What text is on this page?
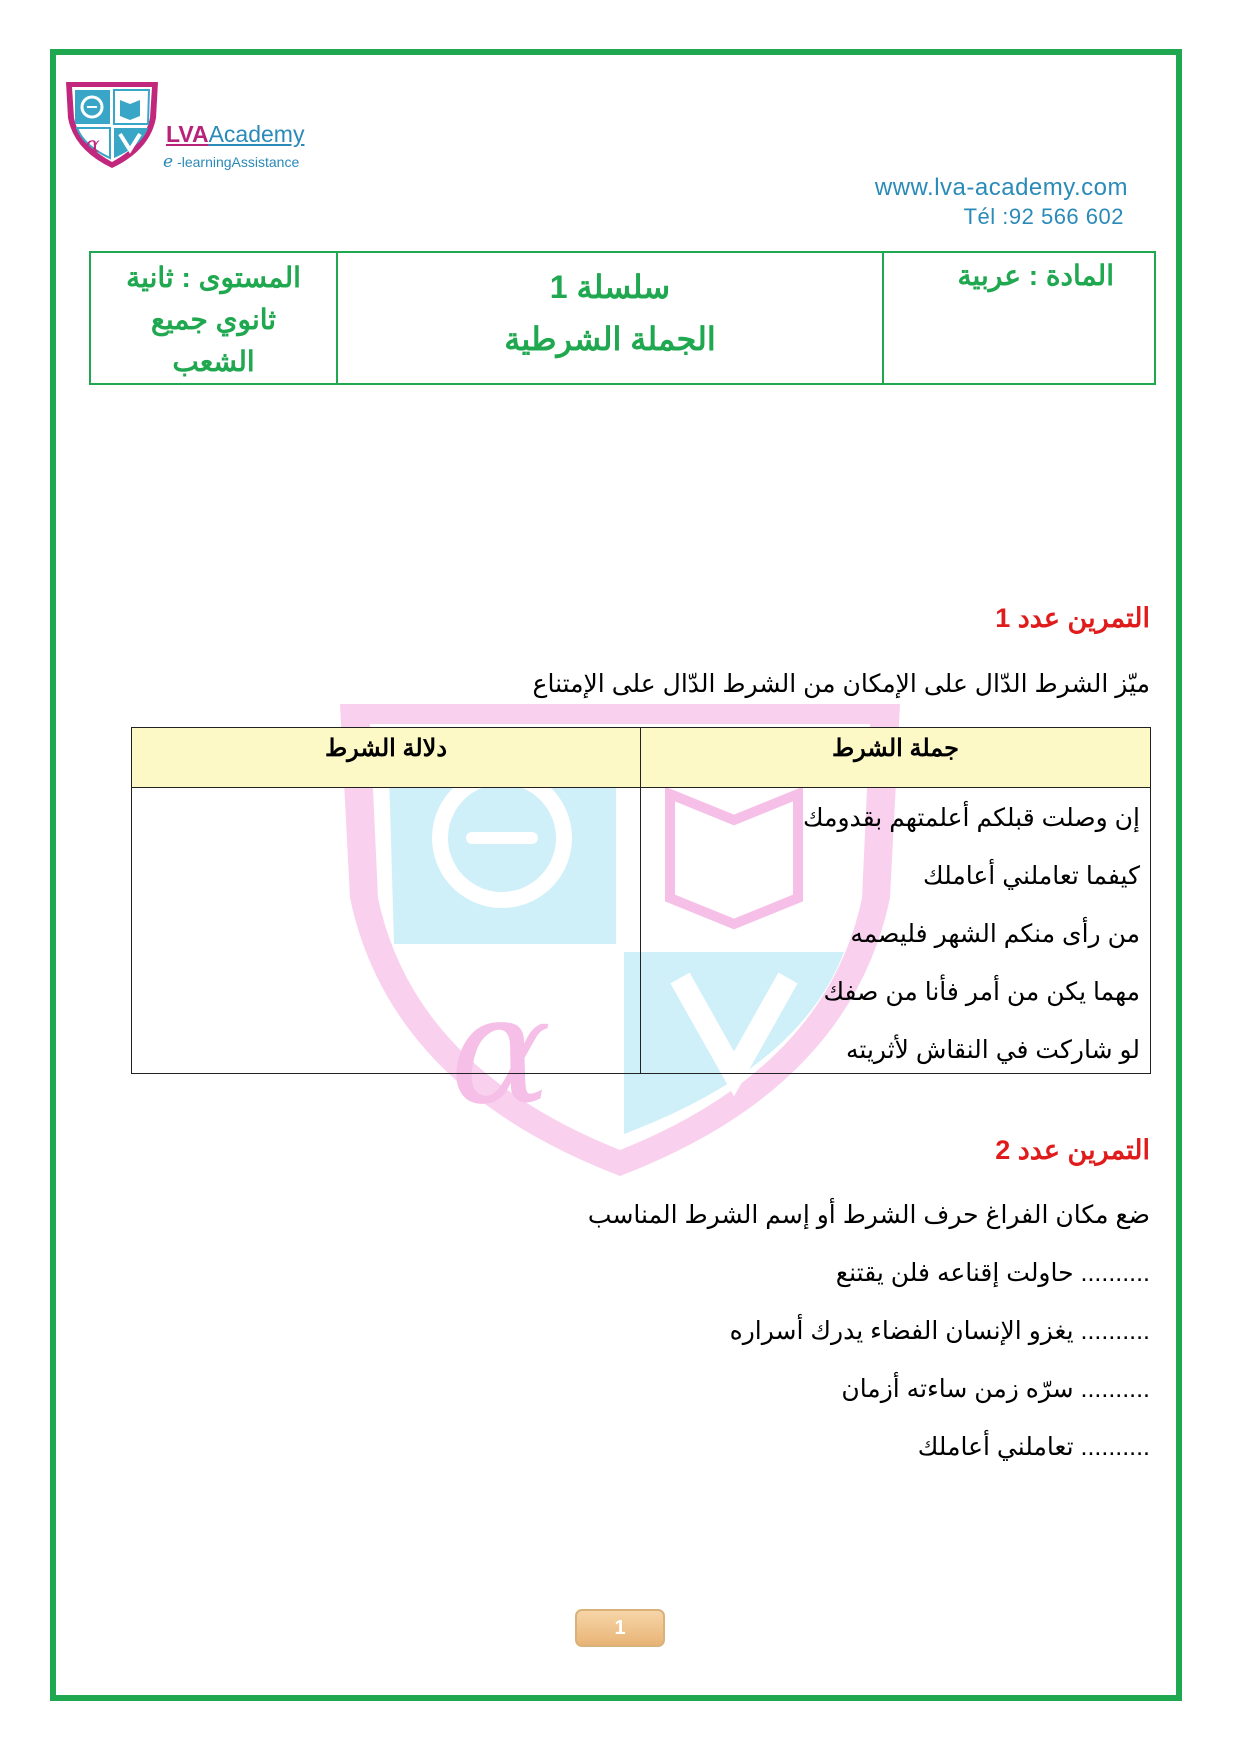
α	LVAAcademy
e -learningAssistance
www.lva-academy.com
Tél :92 566 602
المادة : عربية
سلسلة 1
الجملة الشرطية
المستوى : ثانية
ثانوي جميع
الشعب
α
التمرين عدد 1
ميّز الشرط الدّال على الإمكان من الشرط الدّال على الإمتناع
جملة الشرط
دلالة الشرط
إن وصلت قبلكم أعلمتهم بقدومك
كيفما تعاملني أعاملك
من رأى منكم الشهر فليصمه
مهما يكن من أمر فأنا من صفك
لو شاركت في النقاش لأثريته
التمرين عدد 2
ضع مكان الفراغ حرف الشرط أو إسم الشرط المناسب
.......... حاولت إقناعه فلن يقتنع
.......... يغزو الإنسان الفضاء يدرك أسراره
.......... سرّه زمن ساءته أزمان
.......... تعاملني أعاملك
1
